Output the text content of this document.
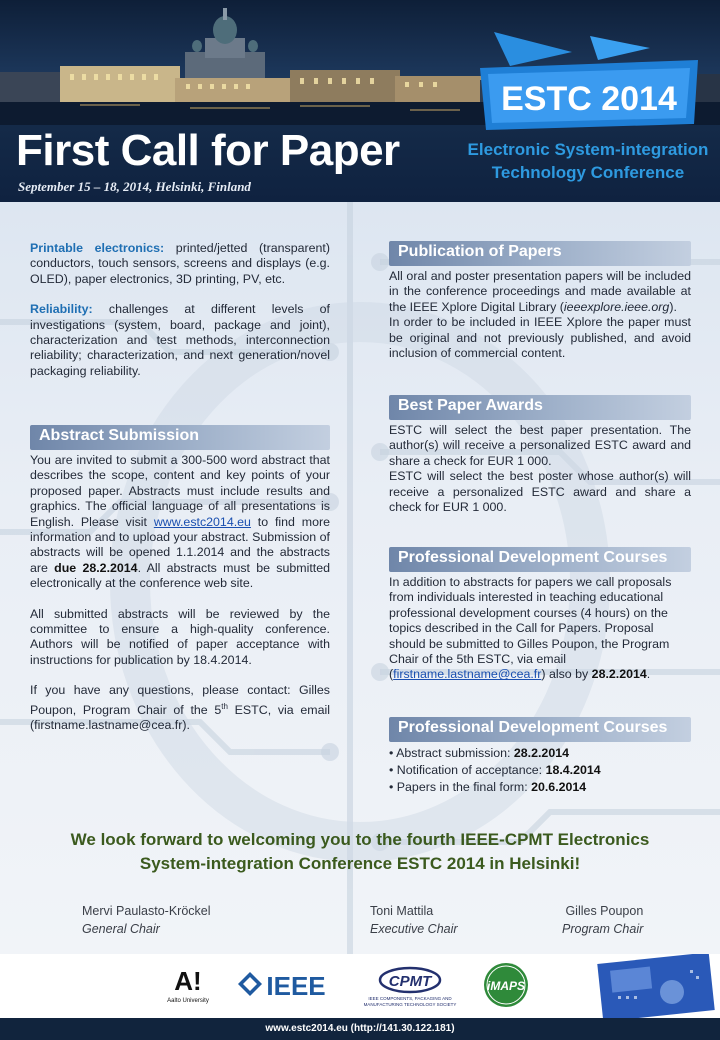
First Call for Paper
September 15 – 18, 2014, Helsinki, Finland
ESTC 2014
Electronic System-integration
Technology Conference

Printable electronics: printed/jetted (transparent) conductors, touch sensors, screens and displays (e.g. OLED), paper electronics, 3D printing, PV, etc.

Reliability: challenges at different levels of investigations (system, board, package and joint), characterization and test methods, interconnection reliability; characterization, and next generation/novel packaging reliability.

Abstract Submission

You are invited to submit a 300-500 word abstract that describes the scope, content and key points of your proposed paper. Abstracts must include results and graphics. The official language of all presentations is English. Please visit www.estc2014.eu to find more information and to upload your abstract. Submission of abstracts will be opened 1.1.2014 and the abstracts are due 28.2.2014. All abstracts must be submitted electronically at the conference web site.

All submitted abstracts will be reviewed by the committee to ensure a high-quality conference. Authors will be notified of paper acceptance with instructions for publication by 18.4.2014.

If you have any questions, please contact: Gilles Poupon, Program Chair of the 5th ESTC, via email (firstname.lastname@cea.fr).

Publication of Papers

All oral and poster presentation papers will be included in the conference proceedings and made available at the IEEE Xplore Digital Library (ieeexplore.ieee.org).

In order to be included in IEEE Xplore the paper must be original and not previously published, and avoid inclusion of commercial content.

Best Paper Awards

ESTC will select the best paper presentation. The author(s) will receive a personalized ESTC award and share a check for EUR 1 000.

ESTC will select the best poster whose author(s) will receive a personalized ESTC award and share a check for EUR 1 000.

Professional Development Courses

In addition to abstracts for papers we call proposals from individuals interested in teaching educational professional development courses (4 hours) on the topics described in the Call for Papers. Proposal should be submitted to Gilles Poupon, the Program Chair of the 5th ESTC, via email (firstname.lastname@cea.fr) also by 28.2.2014.

Professional Development Courses
• Abstract submission: 28.2.2014
• Notification of acceptance: 18.4.2014
• Papers in the final form: 20.6.2014
We look forward to welcoming you to the fourth IEEE-CPMT Electronics
System-integration Conference ESTC 2014 in Helsinki!
Mervi Paulasto-Kröckel
General Chair
Toni Mattila
Executive Chair
Gilles Poupon
Program Chair
A!
Aalto University IEEE	CPMT
IEEE COMPONENTS, PACKAGING AND
MANUFACTURING TECHNOLOGY SOCIETY
iMAPS
www.estc2014.eu (http://141.30.122.181)
